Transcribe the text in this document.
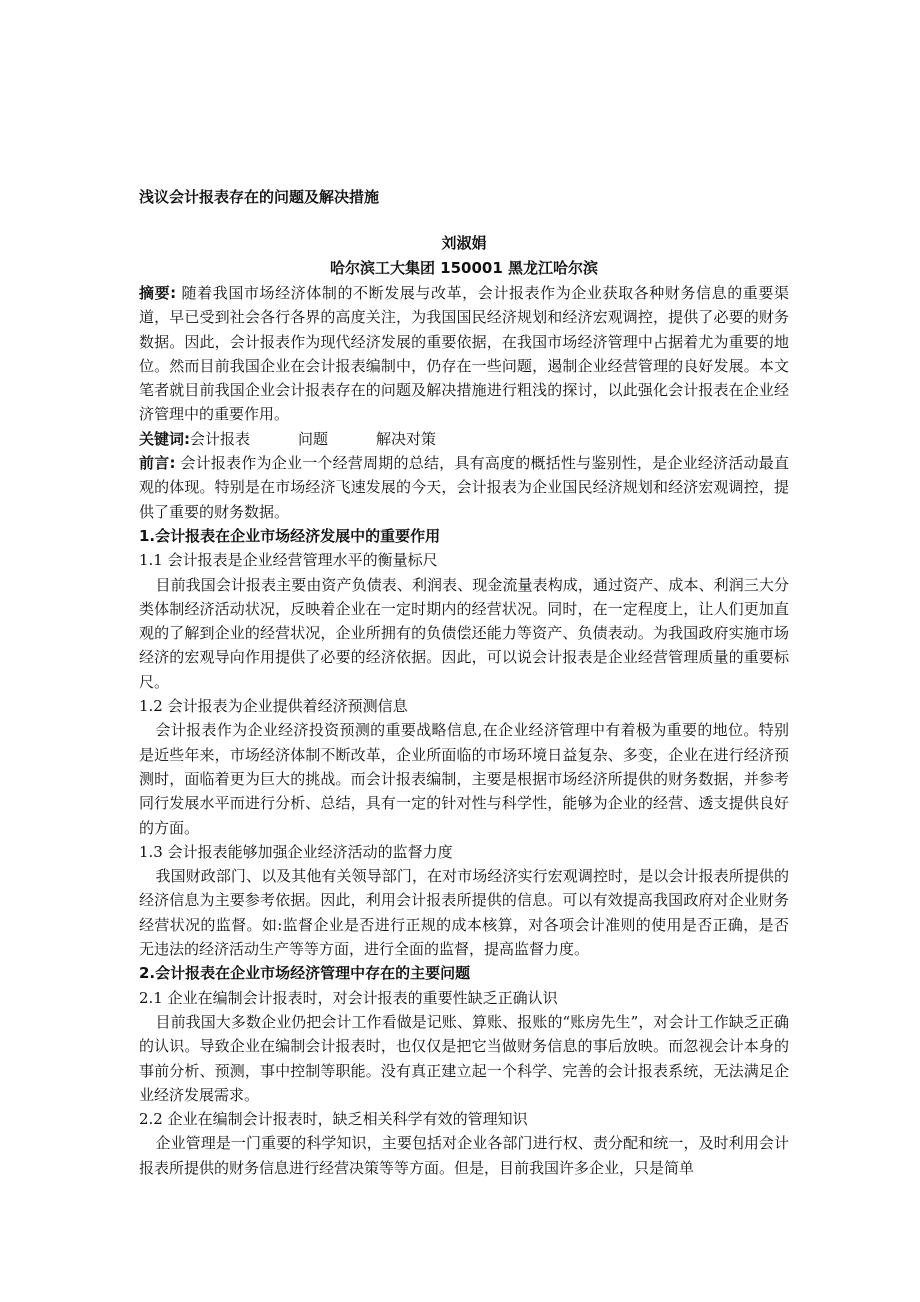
浅议会计报表存在的问题及解决措施
刘淑娟
哈尔滨工大集团 150001 黑龙江哈尔滨

摘要: 随着我国市场经济体制的不断发展与改革，会计报表作为企业获取各种财务信息的重要渠道，早已受到社会各行各界的高度关注，为我国国民经济规划和经济宏观调控，提供了必要的财务数据。因此，会计报表作为现代经济发展的重要依据，在我国市场经济管理中占据着尤为重要的地位。然而目前我国企业在会计报表编制中，仍存在一些问题，遏制企业经营管理的良好发展。本文笔者就目前我国企业会计报表存在的问题及解决措施进行粗浅的探讨，以此强化会计报表在企业经济管理中的重要作用。

关键词:会计报表	问题	解决对策

前言: 会计报表作为企业一个经营周期的总结，具有高度的概括性与鉴别性，是企业经济活动最直观的体现。特别是在市场经济飞速发展的今天，会计报表为企业国民经济规划和经济宏观调控，提供了重要的财务数据。

1.会计报表在企业市场经济发展中的重要作用

1.1 会计报表是企业经营管理水平的衡量标尺

目前我国会计报表主要由资产负债表、利润表、现金流量表构成，通过资产、成本、利润三大分类体制经济活动状况，反映着企业在一定时期内的经营状况。同时，在一定程度上，让人们更加直观的了解到企业的经营状况，企业所拥有的负债偿还能力等资产、负债表动。为我国政府实施市场经济的宏观导向作用提供了必要的经济依据。因此，可以说会计报表是企业经营管理质量的重要标尺。

1.2 会计报表为企业提供着经济预测信息

会计报表作为企业经济投资预测的重要战略信息,在企业经济管理中有着极为重要的地位。特别是近些年来，市场经济体制不断改革，企业所面临的市场环境日益复杂、多变，企业在进行经济预测时，面临着更为巨大的挑战。而会计报表编制，主要是根据市场经济所提供的财务数据，并参考同行发展水平而进行分析、总结，具有一定的针对性与科学性，能够为企业的经营、透支提供良好的方面。

1.3 会计报表能够加强企业经济活动的监督力度

我国财政部门、以及其他有关领导部门，在对市场经济实行宏观调控时，是以会计报表所提供的经济信息为主要参考依据。因此，利用会计报表所提供的信息。可以有效提高我国政府对企业财务经营状况的监督。如:监督企业是否进行正规的成本核算，对各项会计准则的使用是否正确，是否无违法的经济活动生产等等方面，进行全面的监督，提高监督力度。

2.会计报表在企业市场经济管理中存在的主要问题

2.1 企业在编制会计报表时，对会计报表的重要性缺乏正确认识

目前我国大多数企业仍把会计工作看做是记账、算账、报账的“账房先生”，对会计工作缺乏正确的认识。导致企业在编制会计报表时，也仅仅是把它当做财务信息的事后放映。而忽视会计本身的事前分析、预测，事中控制等职能。没有真正建立起一个科学、完善的会计报表系统，无法满足企业经济发展需求。

2.2 企业在编制会计报表时，缺乏相关科学有效的管理知识

企业管理是一门重要的科学知识，主要包括对企业各部门进行权、责分配和统一，及时利用会计报表所提供的财务信息进行经营决策等等方面。但是，目前我国许多企业，只是简单
